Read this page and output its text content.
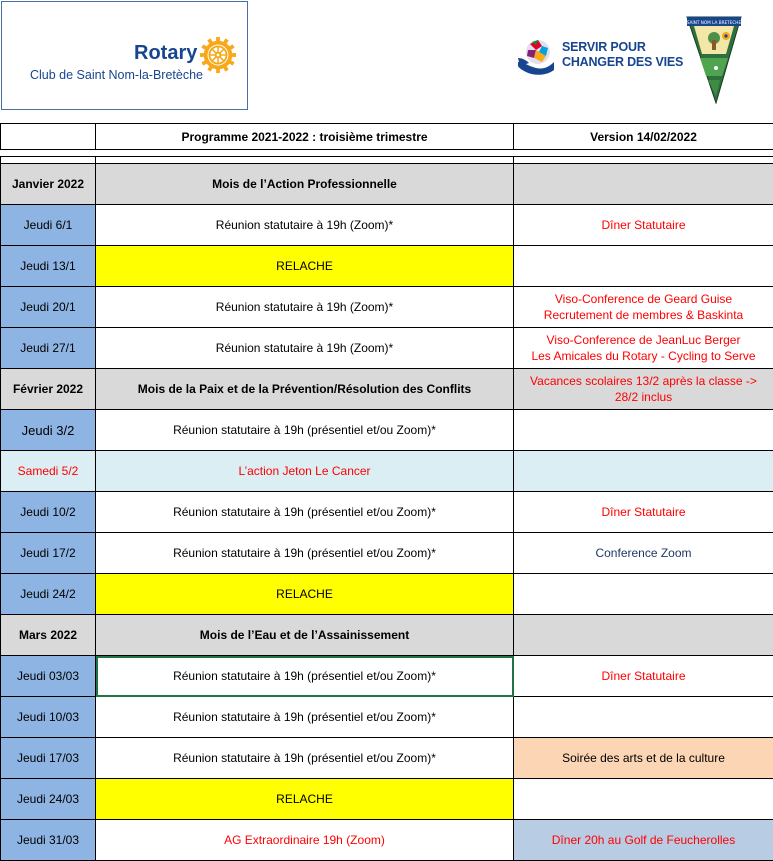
Rotary
Club de Saint Nom-la-Bretèche
SERVIR POUR
CHANGER DES VIES
SAINT NOM LA BRETECHE
	Programme 2021-2022 : troisième trimestre	Version 14/02/2022

Janvier 2022	Mois de l’Action Professionnelle	
Jeudi 6/1	Réunion statutaire à 19h (Zoom)*	Dîner Statutaire
Jeudi 13/1	RELACHE	
Jeudi 20/1	Réunion statutaire à 19h (Zoom)*	Viso-Conference de Geard Guise
Recrutement de membres & Baskinta

Jeudi 27/1	Réunion statutaire à 19h (Zoom)*	Viso-Conference de JeanLuc Berger
Les Amicales du Rotary - Cycling to Serve

Février 2022	Mois de la Paix et de la Prévention/Résolution des Conflits	Vacances scolaires 13/2 après la classe ->
28/2 inclus

Jeudi 3/2	Réunion statutaire à 19h (présentiel et/ou Zoom)*	
Samedi 5/2	L’action Jeton Le Cancer	
Jeudi 10/2	Réunion statutaire à 19h (présentiel et/ou Zoom)*	Dîner Statutaire
Jeudi 17/2	Réunion statutaire à 19h (présentiel et/ou Zoom)*	Conference Zoom
Jeudi 24/2	RELACHE	
Mars 2022	Mois de l’Eau et de l’Assainissement	
Jeudi 03/03	Réunion statutaire à 19h (présentiel et/ou Zoom)*	Dîner Statutaire
Jeudi 10/03	Réunion statutaire à 19h (présentiel et/ou Zoom)*	
Jeudi 17/03	Réunion statutaire à 19h (présentiel et/ou Zoom)*	Soirée des arts et de la culture
Jeudi 24/03	RELACHE	
Jeudi 31/03	AG Extraordinaire 19h (Zoom)	Dîner 20h au Golf de Feucherolles
